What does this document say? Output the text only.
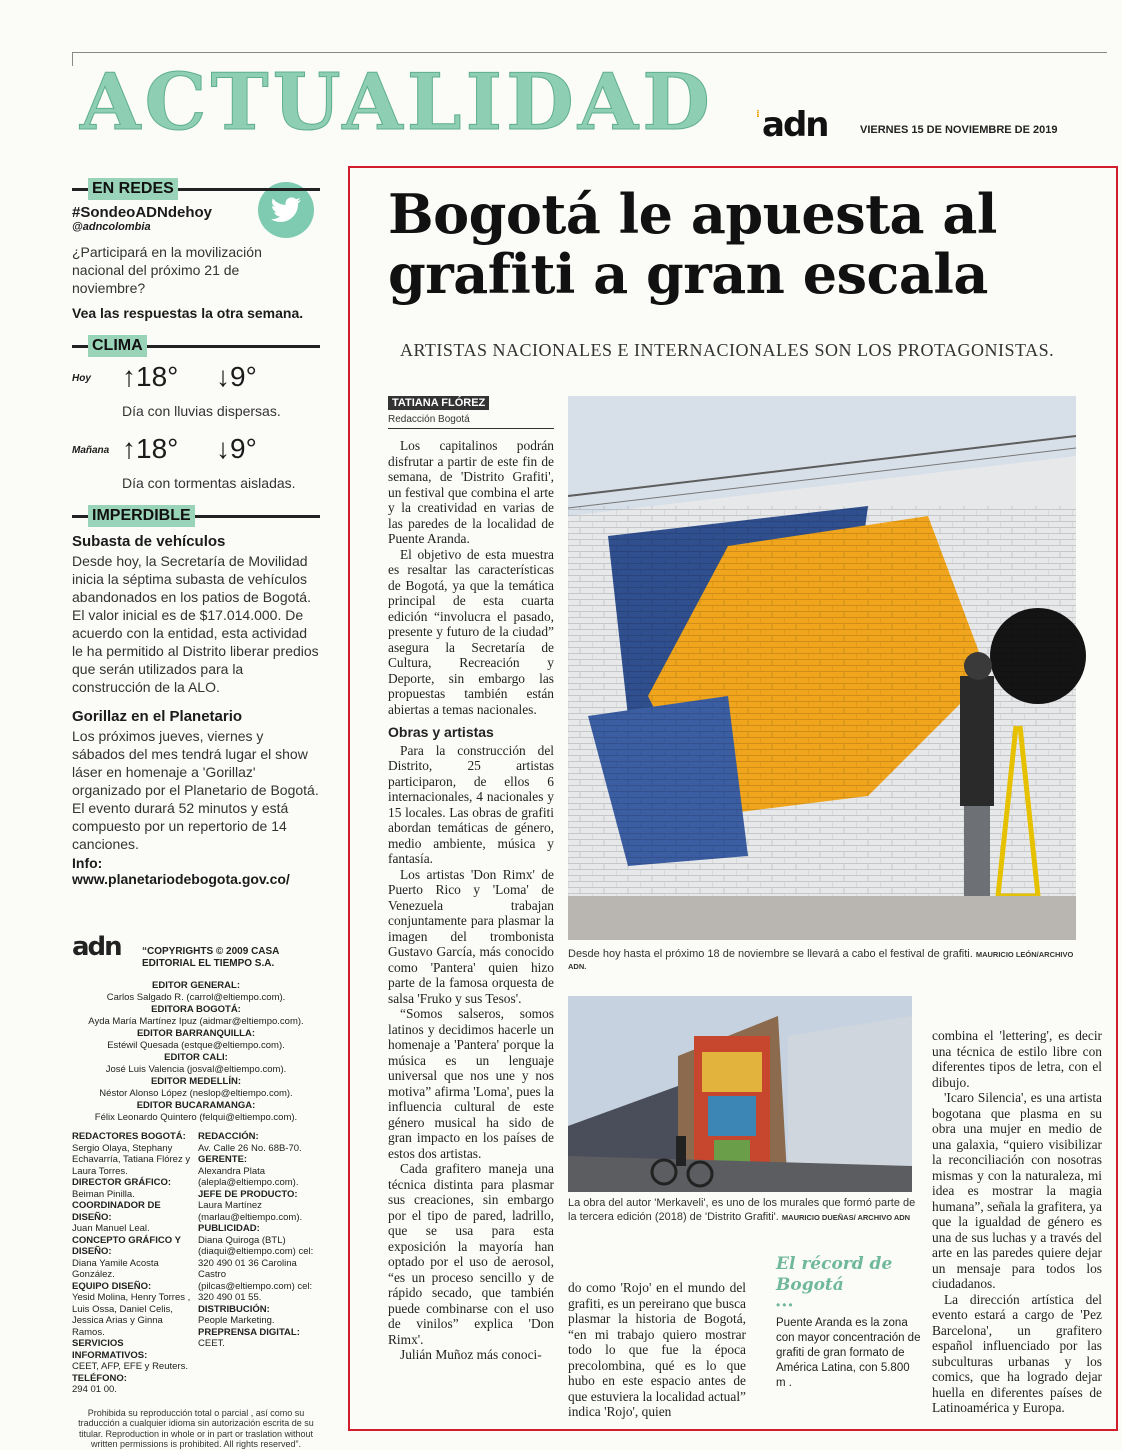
ACTUALIDAD	⁞ adn	VIERNES 15 DE NOVIEMBRE DE 2019
EN REDES
#SondeoADNdehoy
@adncolombia
¿Participará en la movilización nacional del próximo 21 de noviembre?
Vea las respuestas la otra semana.
CLIMA
Hoy ↑18° ↓9°
Día con lluvias dispersas.
Mañana ↑18° ↓9°
Día con tormentas aisladas.
IMPERDIBLE
Subasta de vehículos
Desde hoy, la Secretaría de Movilidad inicia la séptima subasta de vehículos abandonados en los patios de Bogotá. El valor inicial es de $17.014.000. De acuerdo con la entidad, esta actividad le ha permitido al Distrito liberar predios que serán utilizados para la construcción de la ALO.
Gorillaz en el Planetario
Los próximos jueves, viernes y sábados del mes tendrá lugar el show láser en homenaje a 'Gorillaz' organizado por el Planetario de Bogotá. El evento durará 52 minutos y está compuesto por un repertorio de 14 canciones.
Info: www.planetariodebogota.gov.co/
adn “COPYRIGHTS © 2009 CASA EDITORIAL EL TIEMPO S.A.
EDITOR GENERAL:
Carlos Salgado R. (carrol@eltiempo.com).
EDITORA BOGOTÁ:
Ayda María Martínez Ipuz (aidmar@eltiempo.com).
EDITOR BARRANQUILLA:
Estéwil Quesada (estque@eltiempo.com).
EDITOR CALI:
José Luis Valencia (josval@eltiempo.com).
EDITOR MEDELLÍN:
Néstor Alonso López (neslop@eltiempo.com).
EDITOR BUCARAMANGA:
Félix Leonardo Quintero (felqui@eltiempo.com).
REDACTORES BOGOTÁ:
Sergio Olaya, Stephany Echavarría, Tatiana Flórez y Laura Torres.
DIRECTOR GRÁFICO:
Beiman Pinilla.
COORDINADOR DE DISEÑO:
Juan Manuel Leal.
CONCEPTO GRÁFICO Y DISEÑO:
Diana Yamile Acosta González.
EQUIPO DISEÑO:
Yesid Molina, Henry Torres , Luis Ossa, Daniel Celis, Jessica Arias y Ginna Ramos.
SERVICIOS INFORMATIVOS:
CEET, AFP, EFE y Reuters.
TELÉFONO:
294 01 00.
REDACCIÓN:
Av. Calle 26 No. 68B-70.
GERENTE:
Alexandra Plata (alepla@eltiempo.com).
JEFE DE PRODUCTO:
Laura Martínez (marlau@eltiempo.com).
PUBLICIDAD:
Diana Quiroga (BTL) (diaqui@eltiempo.com) cel: 320 490 01 36 Carolina Castro (pilcas@eltiempo.com) cel: 320 490 01 55.
DISTRIBUCIÓN:
People Marketing.
PREPRENSA DIGITAL:
CEET.
Prohibida su reproducción total o parcial , así como su traducción a cualquier idioma sin autorización escrita de su titular. Reproduction in whole or in part or traslation without written permissions is prohibited. All rights reserved”.
Bogotá le apuesta al grafiti a gran escala
ARTISTAS NACIONALES E INTERNACIONALES SON LOS PROTAGONISTAS.
TATIANA FLÓREZ
Redacción Bogotá

Los capitalinos podrán disfrutar a partir de este fin de semana, de 'Distrito Grafiti', un festival que combina el arte y la creatividad en varias de las paredes de la localidad de Puente Aranda.

El objetivo de esta muestra es resaltar las características de Bogotá, ya que la temática principal de esta cuarta edición “involucra el pasado, presente y futuro de la ciudad” asegura la Secretaría de Cultura, Recreación y Deporte, sin embargo las propuestas también están abiertas a temas nacionales.

Obras y artistas

Para la construcción del Distrito, 25 artistas participaron, de ellos 6 internacionales, 4 nacionales y 15 locales. Las obras de grafiti abordan temáticas de género, medio ambiente, música y fantasía.

Los artistas 'Don Rimx' de Puerto Rico y 'Loma' de Venezuela trabajan conjuntamente para plasmar la imagen del trombonista Gustavo García, más conocido como 'Pantera' quien hizo parte de la famosa orquesta de salsa 'Fruko y sus Tesos'.

“Somos salseros, somos latinos y decidimos hacerle un homenaje a 'Pantera' porque la música es un lenguaje universal que nos une y nos motiva” afirma 'Loma', pues la influencia cultural de este género musical ha sido de gran impacto en los países de estos dos artistas.

Cada grafitero maneja una técnica distinta para plasmar sus creaciones, sin embargo por el tipo de pared, ladrillo, que se usa para esta exposición la mayoría han optado por el uso de aerosol, “es un proceso sencillo y de rápido secado, que también puede combinarse con el uso de vinilos” explica 'Don Rimx'.

Julián Muñoz más conoci-

Desde hoy hasta el próximo 18 de noviembre se llevará a cabo el festival de grafiti. MAURICIO LEÓN/ARCHIVO ADN.
La obra del autor 'Merkaveli', es uno de los murales que formó parte de la tercera edición (2018) de 'Distrito Grafiti'. MAURICIO DUEÑAS/ ARCHIVO ADN

do como 'Rojo' en el mundo del grafiti, es un pereirano que busca plasmar la historia de Bogotá, “en mi trabajo quiero mostrar todo lo que fue la época precolombina, qué es lo que hubo en este espacio antes de que estuviera la localidad actual” indica 'Rojo', quien

El récord de Bogotá
•••
Puente Aranda es la zona con mayor concentración de grafiti de gran formato de América Latina, con 5.800 m .

combina el 'lettering', es decir una técnica de estilo libre con diferentes tipos de letra, con el dibujo.

'Icaro Silencia', es una artista bogotana que plasma en su obra una mujer en medio de una galaxia, “quiero visibilizar la reconciliación con nosotras mismas y con la naturaleza, mi idea es mostrar la magia humana”, señala la grafitera, ya que la igualdad de género es una de sus luchas y a través del arte en las paredes quiere dejar un mensaje para todos los ciudadanos.

La dirección artística del evento estará a cargo de 'Pez Barcelona', un grafitero español influenciado por las subculturas urbanas y los comics, que ha logrado dejar huella en diferentes países de Latinoamérica y Europa.
